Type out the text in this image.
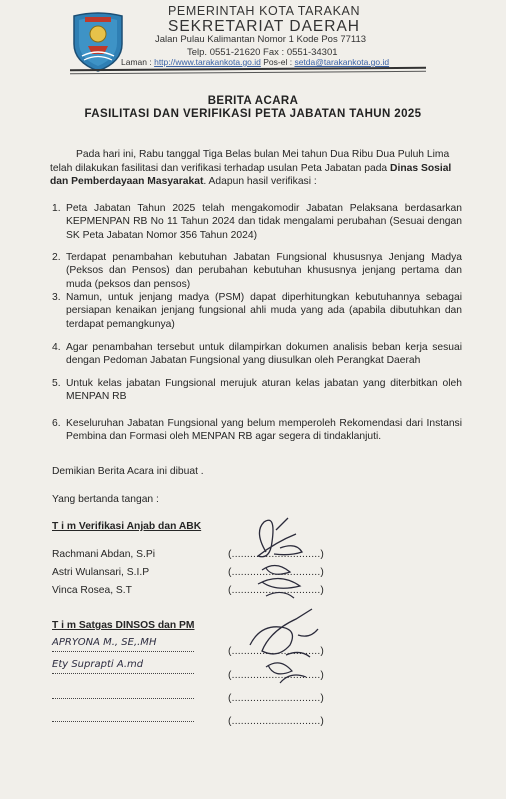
PEMERINTAH KOTA TARAKAN
SEKRETARIAT DAERAH
Jalan Pulau Kalimantan Nomor 1 Kode Pos 77113
Telp. 0551-21620 Fax : 0551-34301
Laman : http://www.tarakankota.go.id Pos-el : setda@tarakankota.go.id
BERITA ACARA
FASILITASI DAN VERIFIKASI PETA JABATAN TAHUN 2025
Pada hari ini, Rabu tanggal Tiga Belas bulan Mei tahun Dua Ribu Dua Puluh Lima
telah dilakukan fasilitasi dan verifikasi terhadap usulan Peta Jabatan pada Dinas Sosial
dan Pemberdayaan Masyarakat. Adapun hasil verifikasi :
1. Peta Jabatan Tahun 2025 telah mengakomodir Jabatan Pelaksana berdasarkan KEPMENPAN RB No 11 Tahun 2024 dan tidak mengalami perubahan (Sesuai dengan SK Peta Jabatan Nomor 356 Tahun 2024)
2. Terdapat penambahan kebutuhan Jabatan Fungsional khususnya Jenjang Madya (Peksos dan Pensos) dan perubahan kebutuhan khususnya jenjang pertama dan muda (peksos dan pensos)
3. Namun, untuk jenjang madya (PSM) dapat diperhitungkan kebutuhannya sebagai persiapan kenaikan jenjang fungsional ahli muda yang ada (apabila dibutuhkan dan terdapat pemangkunya)
4. Agar penambahan tersebut untuk dilampirkan dokumen analisis beban kerja sesuai dengan Pedoman Jabatan Fungsional yang diusulkan oleh Perangkat Daerah
5. Untuk kelas jabatan Fungsional merujuk aturan kelas jabatan yang diterbitkan oleh MENPAN RB
6. Keseluruhan Jabatan Fungsional yang belum memperoleh Rekomendasi dari Instansi Pembina dan Formasi oleh MENPAN RB agar segera di tindaklanjuti.
Demikian Berita Acara ini dibuat .
Yang bertanda tangan :
T i m Verifikasi Anjab dan ABK
Rachmani Abdan, S.Pi
Astri Wulansari, S.I.P
Vinca Rosea, S.T
(.............................)
(.............................)
(.............................)
T i m Satgas DINSOS dan PM
APRYONA M., SE,.MH
Ety Suprapti A.md
(.............................)
(.............................)
(.............................)
(.............................)
